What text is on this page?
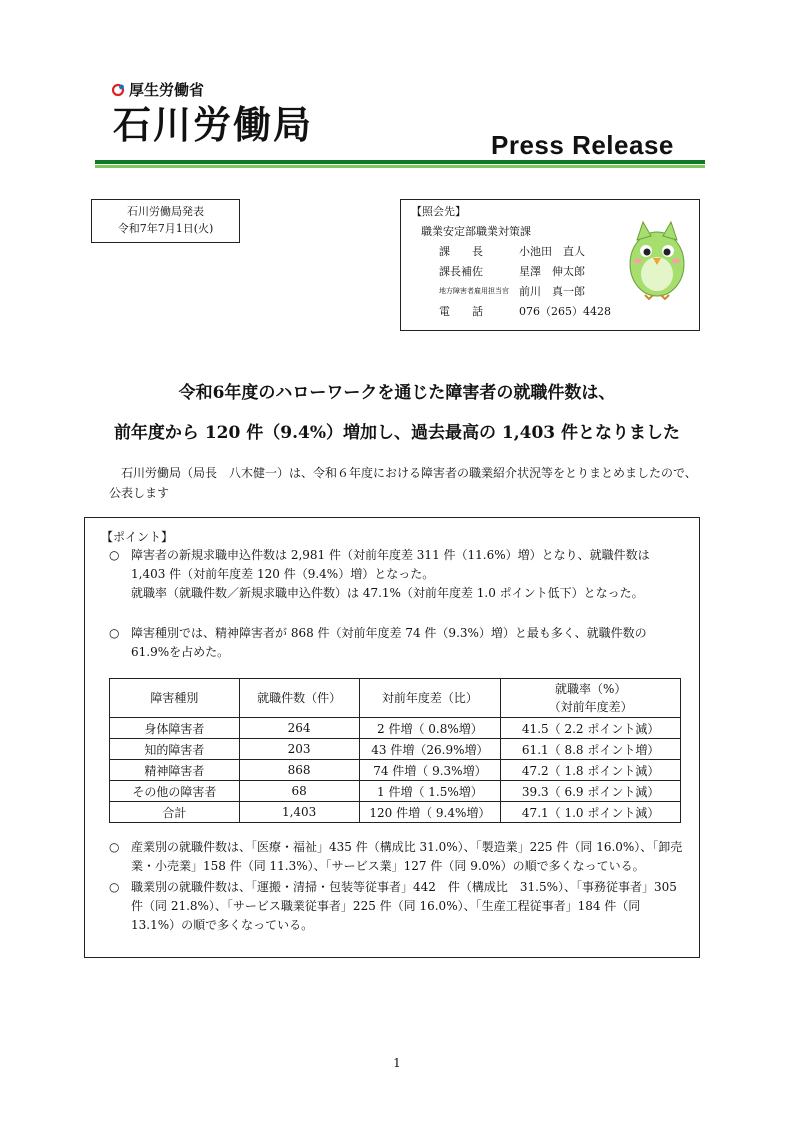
厚生労働省
石川労働局	Press Release
石川労働局発表
令和7年7月1日(火)
【照会先】
職業安定部職業対策課
課　　長	小池田　直人
課長補佐	星澤　伸太郎
地方障害者雇用担当官 前川　真一郎
電　　話	076（265）4428
令和6年度のハローワークを通じた障害者の就職件数は、
前年度から 120 件（9.4%）増加し、過去最高の 1,403 件となりました
石川労働局（局長　八木健一）は、令和６年度における障害者の職業紹介状況等をとりまとめましたので、公表します
【ポイント】
○ 障害者の新規求職申込件数は 2,981 件（対前年度差 311 件（11.6%）増）となり、就職件数は 1,403 件（対前年度差 120 件（9.4%）増）となった。
就職率（就職件数／新規求職申込件数）は 47.1%（対前年度差 1.0 ポイント低下）となった。
○ 障害種別では、精神障害者が 868 件（対前年度差 74 件（9.3%）増）と最も多く、就職件数の 61.9%を占めた。
障害種別	就職件数（件）	対前年度差（比）	就職率（%）
（対前年度差）

身体障害者	264	2 件増（ 0.8%増）	41.5（ 2.2 ポイント減）
知的障害者	203	43 件増（26.9%増）	61.1（ 8.8 ポイント増）
精神障害者	868	74 件増（ 9.3%増）	47.2（ 1.8 ポイント減）
その他の障害者	68	1 件増（ 1.5%増）	39.3（ 6.9 ポイント減）
合計	1,403	120 件増（ 9.4%増）	47.1（ 1.0 ポイント減）
○ 産業別の就職件数は、「医療・福祉」435 件（構成比 31.0%）、「製造業」225 件（同 16.0%）、「卸売業・小売業」158 件（同 11.3%）、「サービス業」127 件（同 9.0%）の順で多くなっている。
○ 職業別の就職件数は、「運搬・清掃・包装等従事者」442　件（構成比　31.5%）、「事務従事者」305 件（同 21.8%）、「サービス職業従事者」225 件（同 16.0%）、「生産工程従事者」184 件（同 13.1%）の順で多くなっている。
1
